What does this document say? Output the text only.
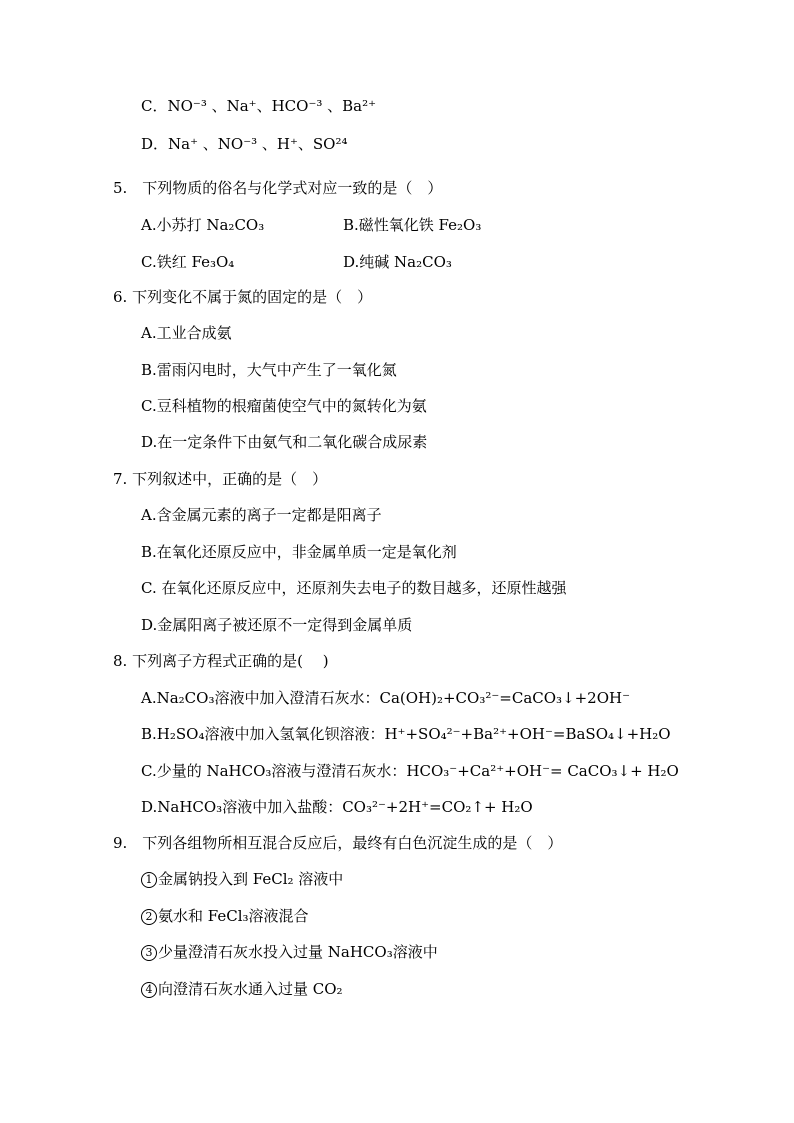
C．NO⁻³ 、Na⁺、HCO⁻³ 、Ba²⁺
D．Na⁺ 、NO⁻³ 、H⁺、SO²⁴
5.　下列物质的俗名与化学式对应一致的是（　）
A.小苏打 Na₂CO₃	B.磁性氧化铁 Fe₂O₃
C.铁红 Fe₃O₄	D.纯碱 Na₂CO₃
6. 下列变化不属于氮的固定的是（　）
A.工业合成氨
B.雷雨闪电时，大气中产生了一氧化氮
C.豆科植物的根瘤菌使空气中的氮转化为氨
D.在一定条件下由氨气和二氧化碳合成尿素
7. 下列叙述中，正确的是（　）
A.含金属元素的离子一定都是阳离子
B.在氧化还原反应中，非金属单质一定是氧化剂
C. 在氧化还原反应中，还原剂失去电子的数目越多，还原性越强
D.金属阳离子被还原不一定得到金属单质
8. 下列离子方程式正确的是(　 )
A.Na₂CO₃溶液中加入澄清石灰水：Ca(OH)₂+CO₃²⁻=CaCO₃↓+2OH⁻
B.H₂SO₄溶液中加入氢氧化钡溶液：H⁺+SO₄²⁻+Ba²⁺+OH⁻=BaSO₄↓+H₂O
C.少量的 NaHCO₃溶液与澄清石灰水：HCO₃⁻+Ca²⁺+OH⁻= CaCO₃↓+ H₂O
D.NaHCO₃溶液中加入盐酸：CO₃²⁻+2H⁺=CO₂↑+ H₂O
9.　下列各组物所相互混合反应后，最终有白色沉淀生成的是（　）
1 金属钠投入到 FeCl₂ 溶液中
2 氨水和 FeCl₃溶液混合
3 少量澄清石灰水投入过量 NaHCO₃溶液中
4 向澄清石灰水通入过量 CO₂
